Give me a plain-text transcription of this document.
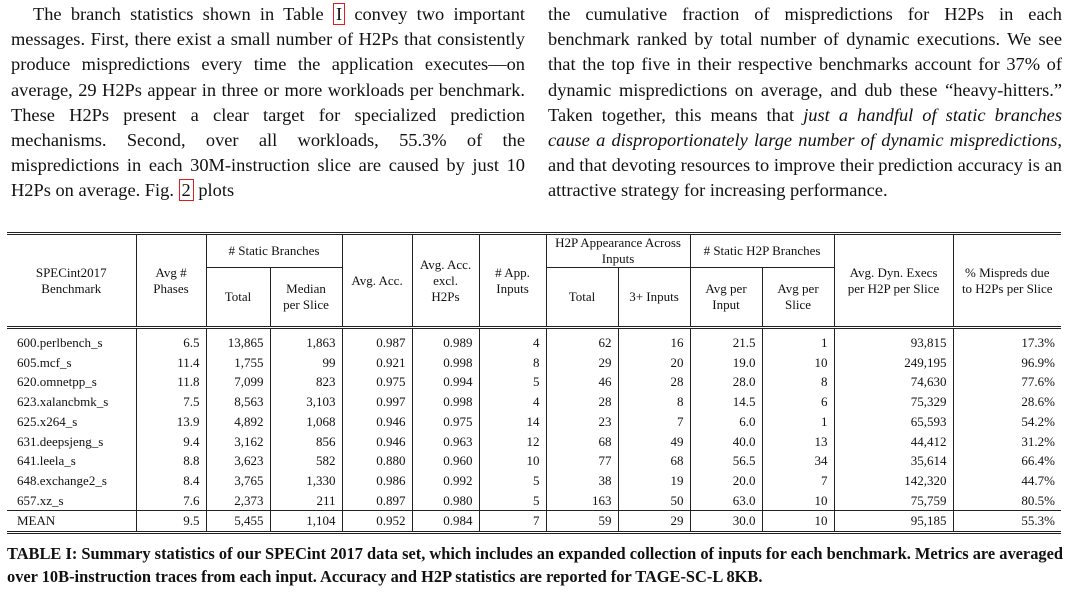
The branch statistics shown in Table I convey two important messages. First, there exist a small number of H2Ps that consistently produce mispredictions every time the application executes—on average, 29 H2Ps appear in three or more workloads per benchmark. These H2Ps present a clear target for specialized prediction mechanisms. Second, over all workloads, 55.3% of the mispredictions in each 30M-instruction slice are caused by just 10 H2Ps on average. Fig. 2 plots

the cumulative fraction of mispredictions for H2Ps in each benchmark ranked by total number of dynamic executions. We see that the top five in their respective benchmarks account for 37% of dynamic mispredictions on average, and dub these “heavy-hitters.” Taken together, this means that just a handful of static branches cause a disproportionately large number of dynamic mispredictions, and that devoting resources to improve their prediction accuracy is an attractive strategy for increasing performance.

SPECint2017 Benchmark	Avg # Phases	# Static Branches		Avg. Acc.	Avg. Acc. excl. H2Ps	# App. Inputs	H2P Appearance Across Inputs		# Static H2P Branches		Avg. Dyn. Execs per H2P per Slice	% Mispreds due to H2Ps per Slice
		Total	Median per Slice				Total	3+ Inputs	Avg per Input	Avg per Slice		

600.perlbench_s	6.5	13,865	1,863	0.987	0.989	4	62	16	21.5	1	93,815	17.3%
605.mcf_s	11.4	1,755	99	0.921	0.998	8	29	20	19.0	10	249,195	96.9%
620.omnetpp_s	11.8	7,099	823	0.975	0.994	5	46	28	28.0	8	74,630	77.6%
623.xalancbmk_s	7.5	8,563	3,103	0.997	0.998	4	28	8	14.5	6	75,329	28.6%
625.x264_s	13.9	4,892	1,068	0.946	0.975	14	23	7	6.0	1	65,593	54.2%
631.deepsjeng_s	9.4	3,162	856	0.946	0.963	12	68	49	40.0	13	44,412	31.2%
641.leela_s	8.8	3,623	582	0.880	0.960	10	77	68	56.5	34	35,614	66.4%
648.exchange2_s	8.4	3,765	1,330	0.986	0.992	5	38	19	20.0	7	142,320	44.7%
657.xz_s	7.6	2,373	211	0.897	0.980	5	163	50	63.0	10	75,759	80.5%
MEAN	9.5	5,455	1,104	0.952	0.984	7	59	29	30.0	10	95,185	55.3%
TABLE I: Summary statistics of our SPECint 2017 data set, which includes an expanded collection of inputs for each benchmark. Metrics are averaged over 10B-instruction traces from each input. Accuracy and H2P statistics are reported for TAGE-SC-L 8KB.
